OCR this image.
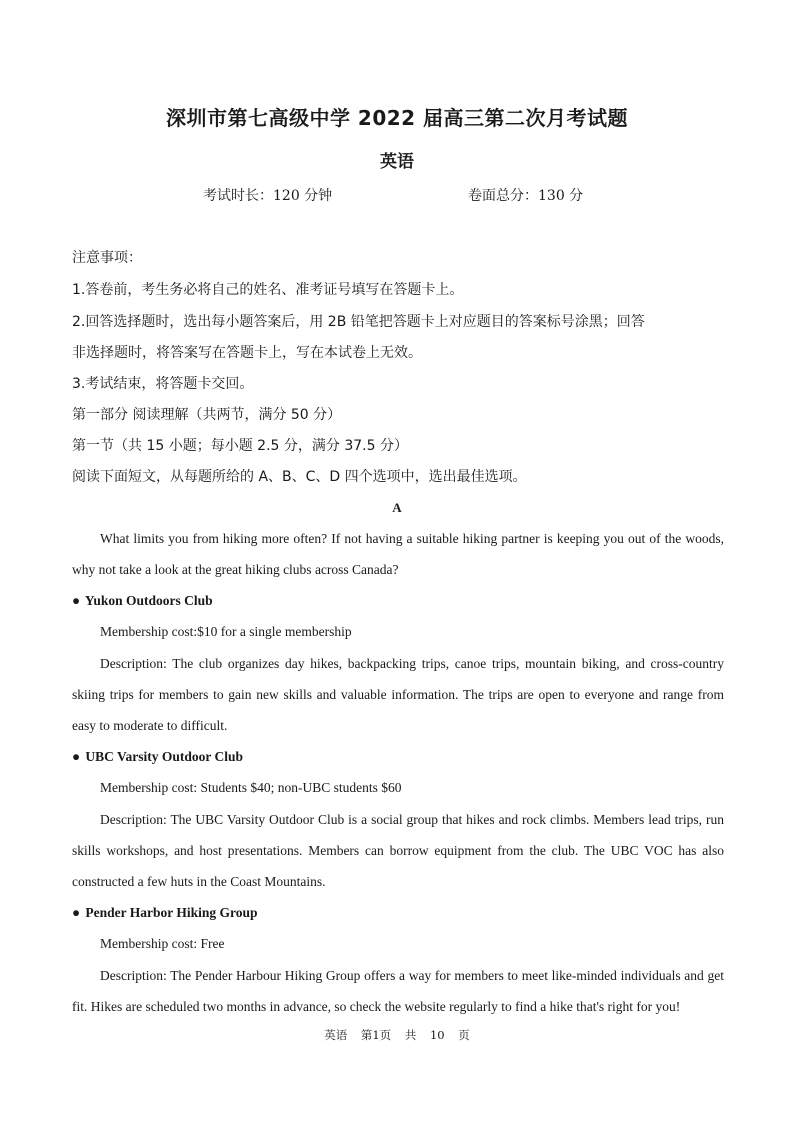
深圳市第七高级中学 2022 届高三第二次月考试题
英语
考试时长：120 分钟	卷面总分：130 分
注意事项：
1.答卷前，考生务必将自己的姓名、准考证号填写在答题卡上。
2.回答选择题时，选出每小题答案后，用 2B 铅笔把答题卡上对应题目的答案标号涂黑；回答
非选择题时，将答案写在答题卡上，写在本试卷上无效。
3.考试结束，将答题卡交回。
第一部分 阅读理解（共两节，满分 50 分）
第一节（共 15 小题；每小题 2.5 分，满分 37.5 分）
阅读下面短文，从每题所给的 A、B、C、D 四个选项中，选出最佳选项。
A
What limits you from hiking more often? If not having a suitable hiking partner is keeping you out of the woods, why not take a look at the great hiking clubs across Canada?
● Yukon Outdoors Club
Membership cost:$10 for a single membership
Description: The club organizes day hikes, backpacking trips, canoe trips, mountain biking, and cross-country skiing trips for members to gain new skills and valuable information. The trips are open to everyone and range from easy to moderate to difficult.
● UBC Varsity Outdoor Club
Membership cost: Students $40; non-UBC students $60
Description: The UBC Varsity Outdoor Club is a social group that hikes and rock climbs. Members lead trips, run skills workshops, and host presentations. Members can borrow equipment from the club. The UBC VOC has also constructed a few huts in the Coast Mountains.
● Pender Harbor Hiking Group
Membership cost: Free
Description: The Pender Harbour Hiking Group offers a way for members to meet like-minded individuals and get fit. Hikes are scheduled two months in advance, so check the website regularly to find a hike that's right for you!
英语 第1页 共 10 页
